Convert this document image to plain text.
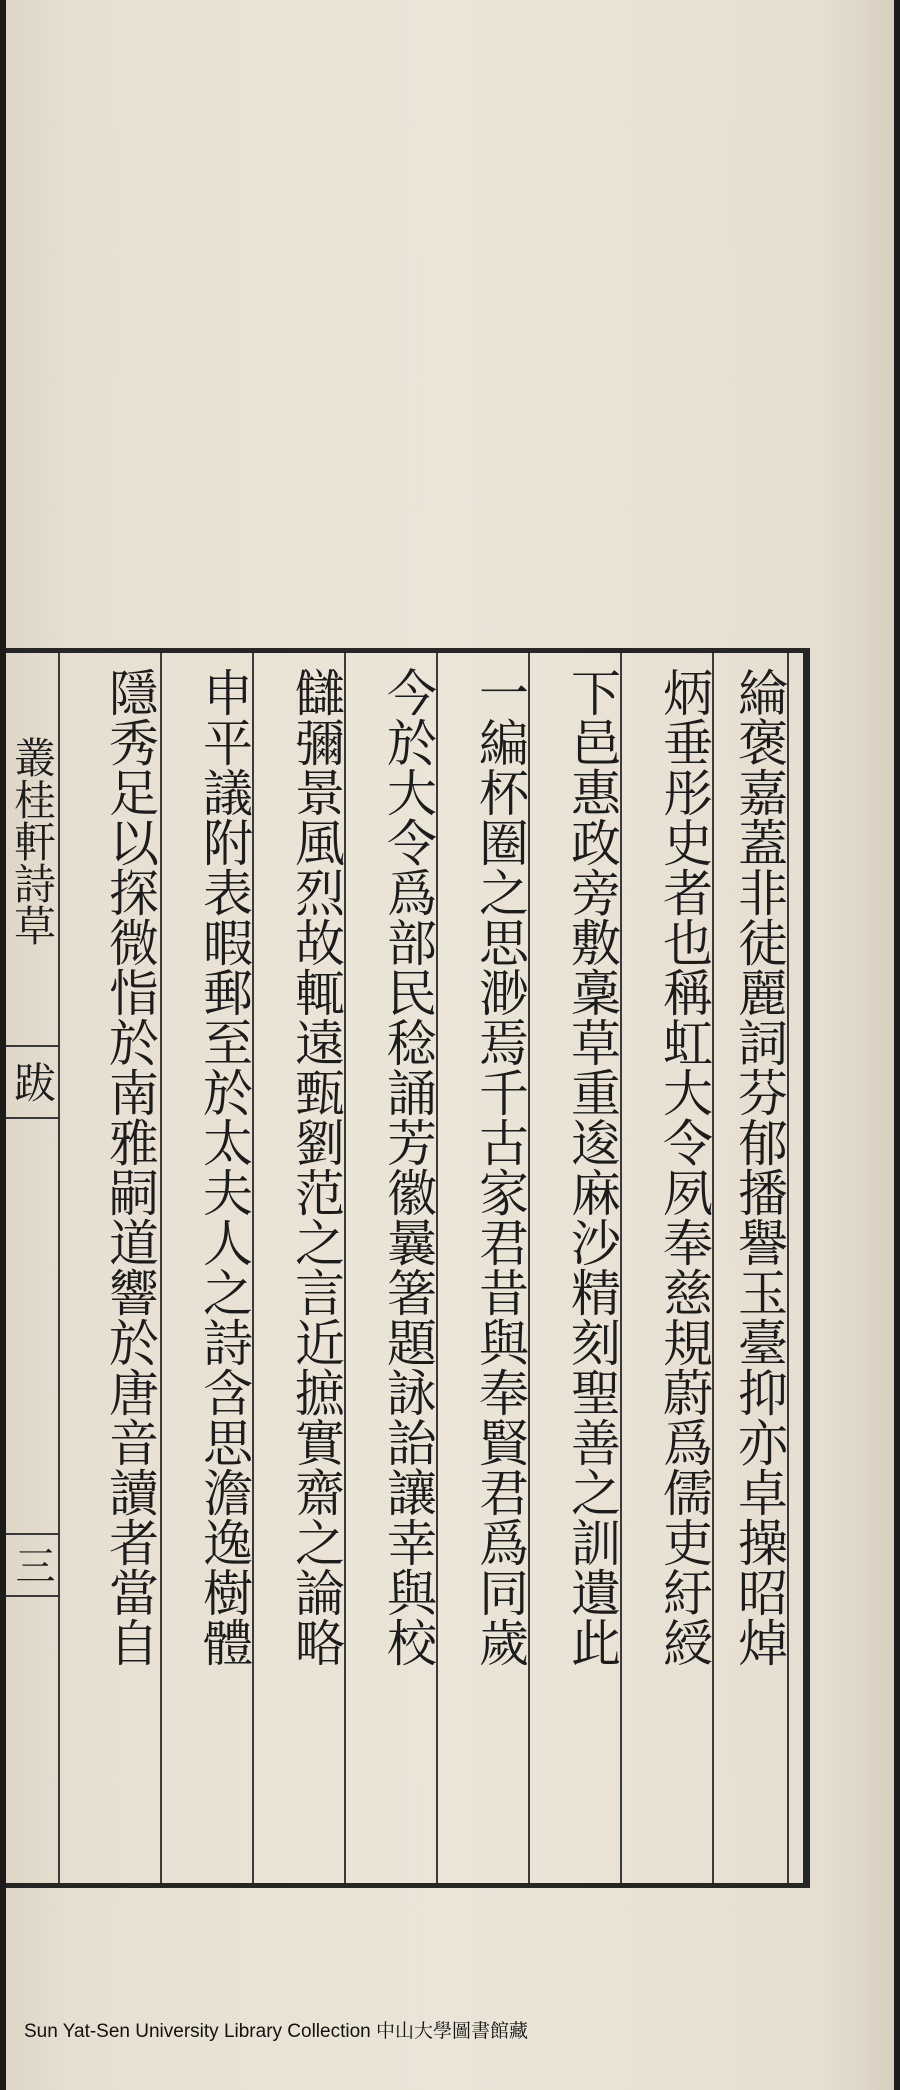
叢桂軒詩草
跋
三	綸褒嘉蓋非徒麗詞芬郁播譽玉臺抑亦卓操昭焯
炳垂彤史者也稱虹大令夙奉慈規蔚爲儒吏紆綬
下邑惠政旁敷稾草重逡麻沙精刻聖善之訓遺此
一編杯圈之思渺焉千古家君昔與奉賢君爲同歲
今於大令爲部民稔誦芳徽曩箸題詠詒讓幸與校
讎彌景風烈故輒遠甄劉范之言近摭實齋之論略
申平議附表暇郵至於太夫人之詩含思澹逸樹體
隱秀足以探微恉於南雅嗣道響於唐音讀者當自
Sun Yat-Sen University Library Collection 中山大學圖書館藏
